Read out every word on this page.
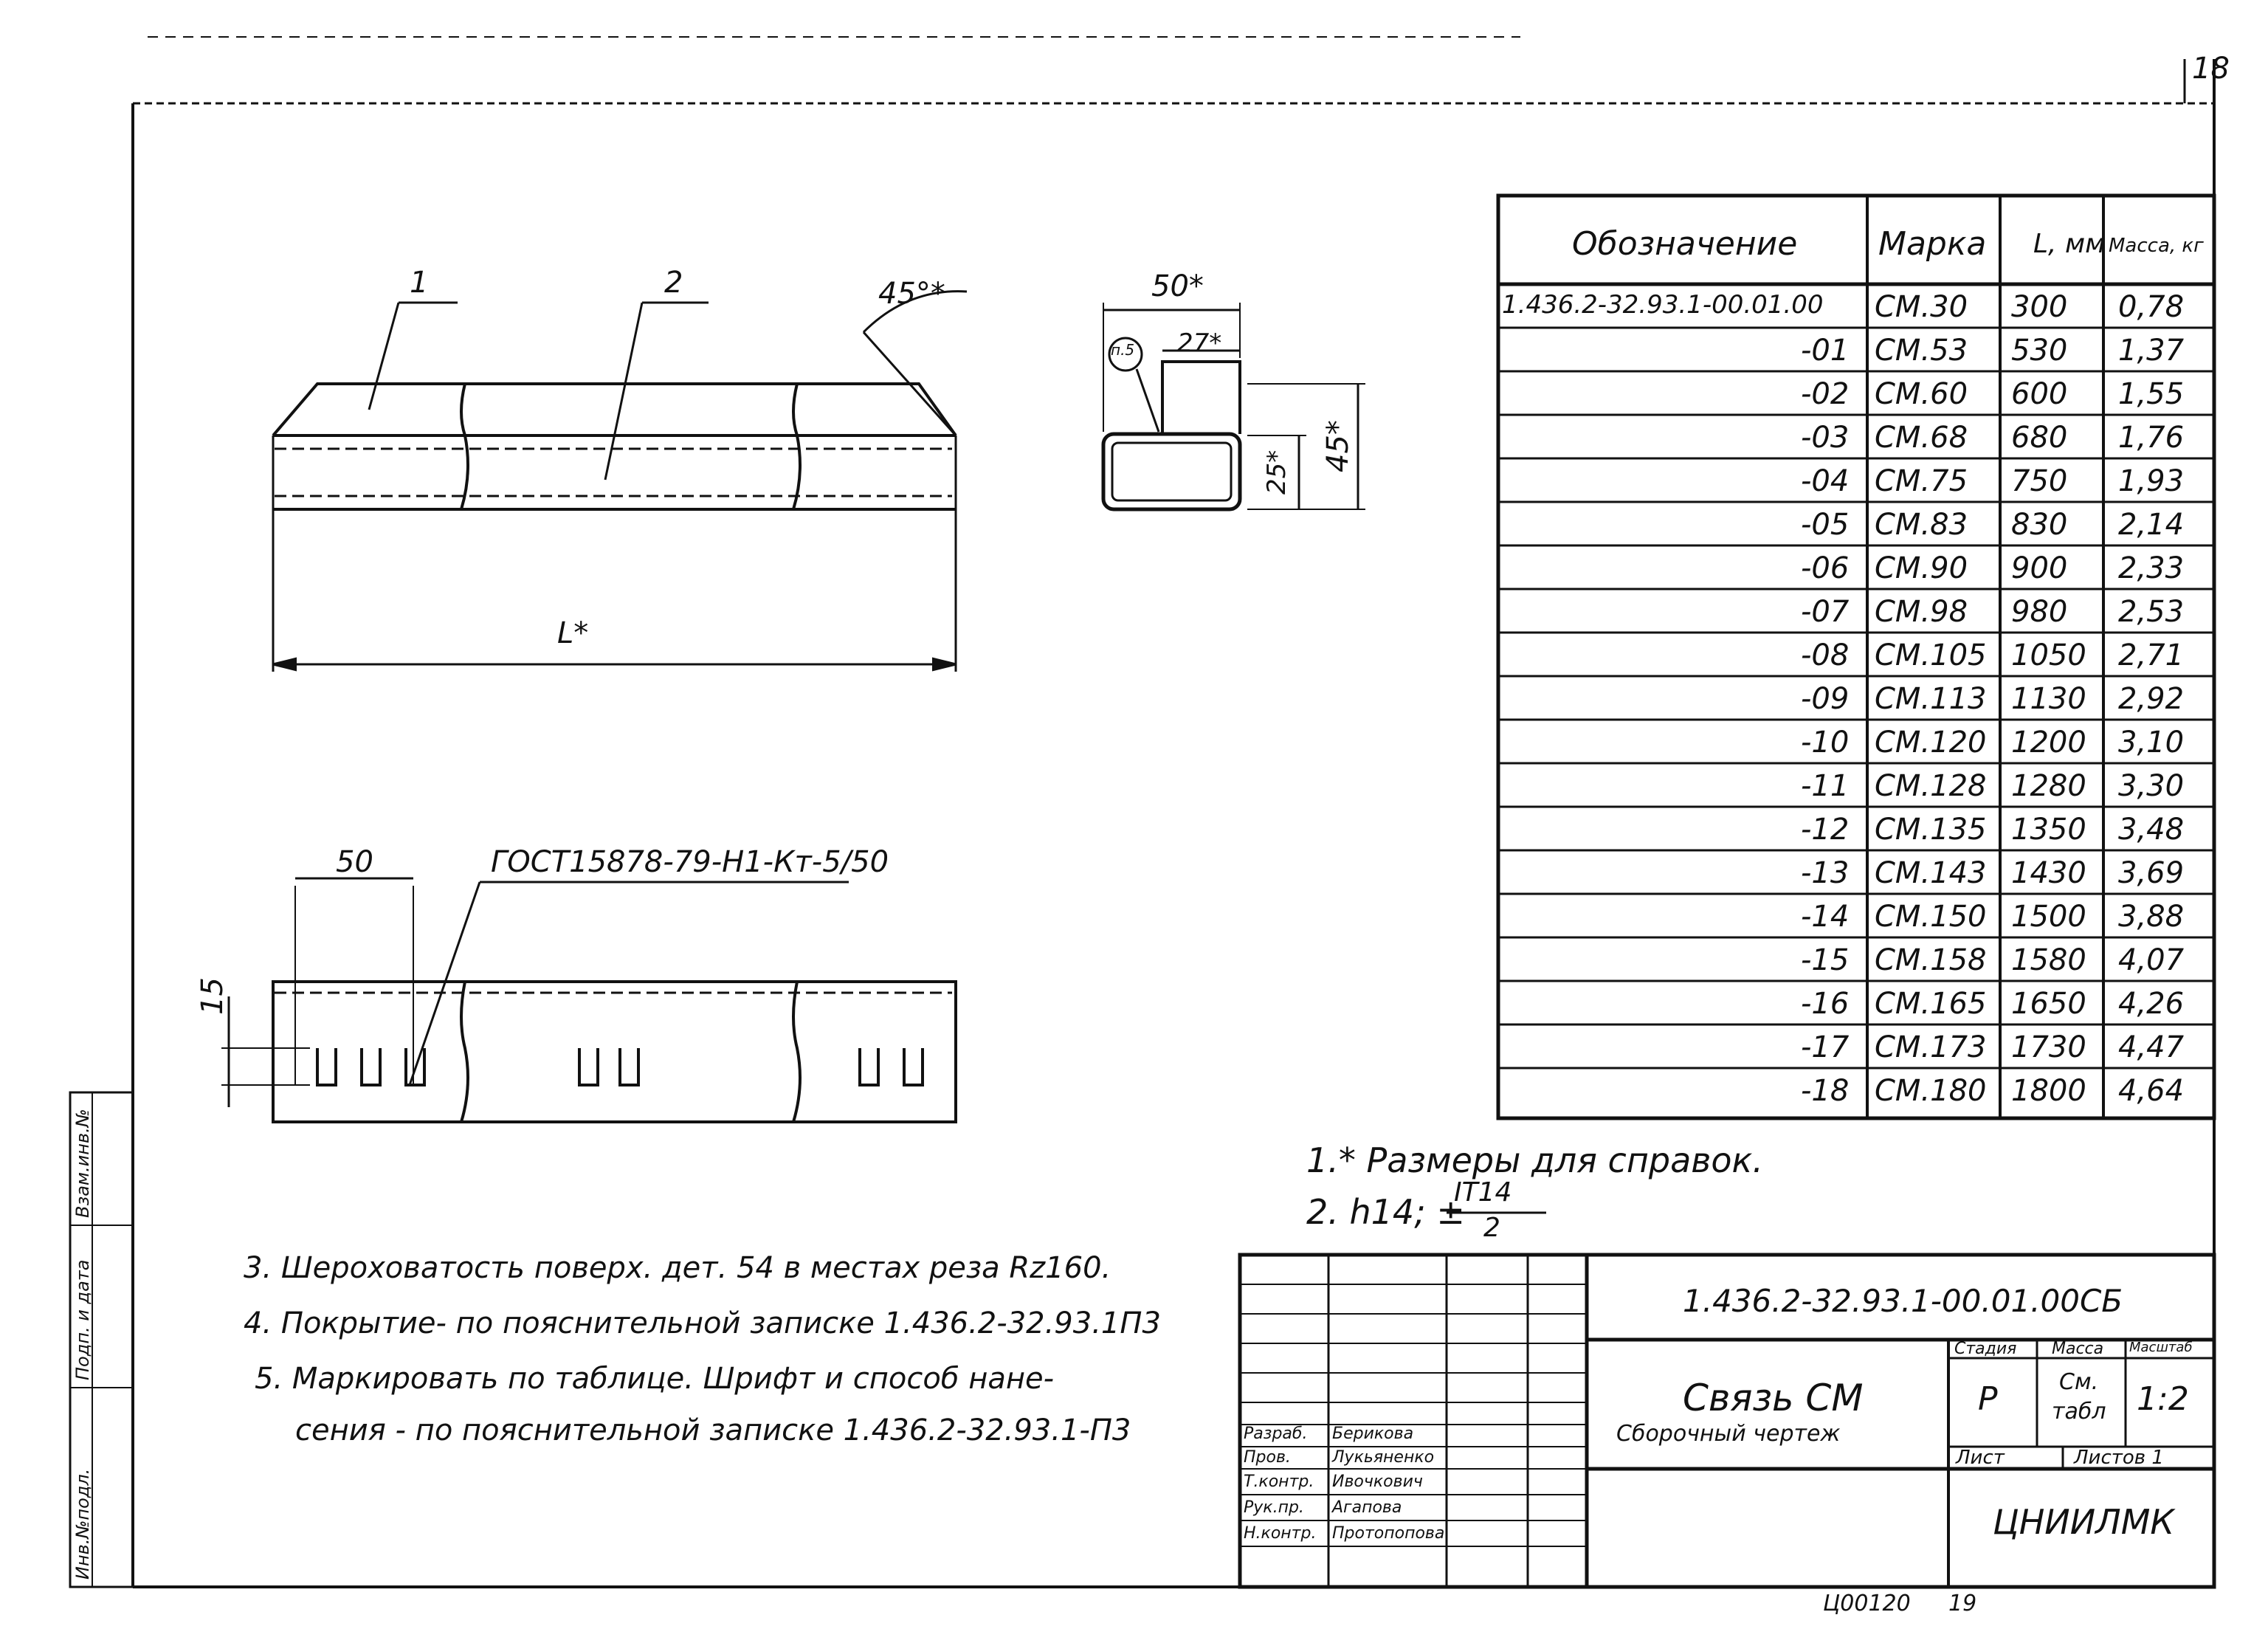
18
1	2	45°*
L*
50*
27*
п.5
45*
25*
50
15
ГОСТ15878-79-Н1-Кт-5/50
Обозначение Марка L, мм Масса, кг
1.436.2-32.93.1-00.01.00 СМ.30 300 0,78
-01 СМ.53 530 1,37
-02 СМ.60 600 1,55
-03 СМ.68 680 1,76
-04 СМ.75 750 1,93
-05 СМ.83 830 2,14
-06 СМ.90 900 2,33
-07 СМ.98 980 2,53
-08 СМ.105 1050 2,71
-09 СМ.113 1130 2,92
-10 СМ.120 1200 3,10
-11 СМ.128 1280 3,30
-12 СМ.135 1350 3,48
-13 СМ.143 1430 3,69
-14 СМ.150 1500 3,88
-15 СМ.158 1580 4,07
-16 СМ.165 1650 4,26
-17 СМ.173 1730 4,47
-18 СМ.180 1800 4,64
1.* Размеры для справок.
2. h14; ±
IT14
2
3. Шероховатость поверх. дет. 54 в местах реза Rz160.
4. Покрытие- по пояснительной записке 1.436.2-32.93.1П3
5. Маркировать по таблице. Шрифт и способ нане-
сения - по пояснительной записке 1.436.2-32.93.1-П3
1.436.2-32.93.1-00.01.00СБ
Связь СМ
Сборочный чертеж
Стадия Масса Масштаб
Р	См.
табл 1:2
Лист	Листов 1
ЦНИИЛМК
Разраб. Берикова
Пров.	Лукьяненко
Т.контр. Ивочкович
Рук.пр. Агапова
Н.контр. Протопопова
Инв.№подл.
Подп. и дата
Взам.инв.№
Ц00120 19
